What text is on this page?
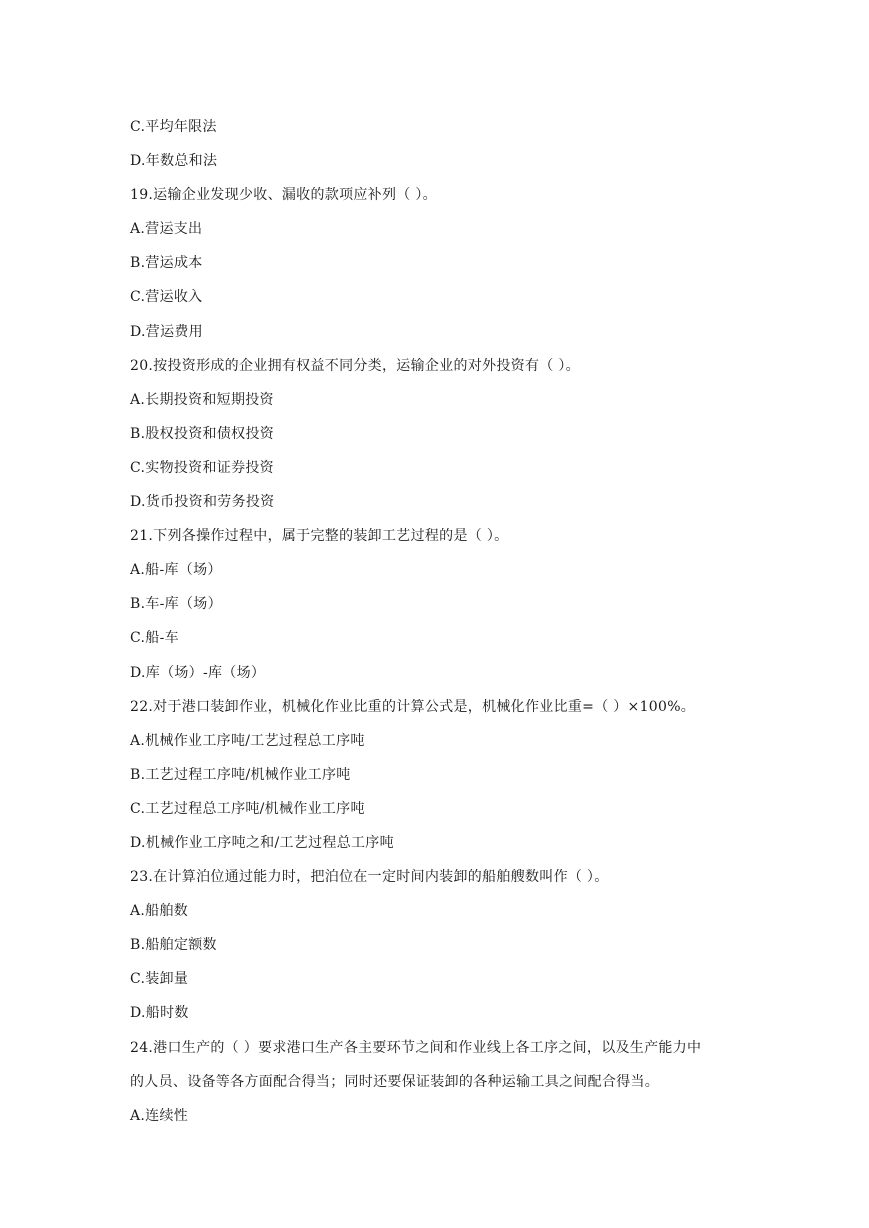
C.平均年限法
D.年数总和法
19.运输企业发现少收、漏收的款项应补列（ ）。
A.营运支出
B.营运成本
C.营运收入
D.营运费用
20.按投资形成的企业拥有权益不同分类，运输企业的对外投资有（ ）。
A.长期投资和短期投资
B.股权投资和债权投资
C.实物投资和证券投资
D.货币投资和劳务投资
21.下列各操作过程中，属于完整的装卸工艺过程的是（ ）。
A.船-库（场）
B.车-库（场）
C.船-车
D.库（场）-库（场）
22.对于港口装卸作业，机械化作业比重的计算公式是，机械化作业比重=（ ）×100%。
A.机械作业工序吨/工艺过程总工序吨
B.工艺过程工序吨/机械作业工序吨
C.工艺过程总工序吨/机械作业工序吨
D.机械作业工序吨之和/工艺过程总工序吨
23.在计算泊位通过能力时，把泊位在一定时间内装卸的船舶艘数叫作（ ）。
A.船舶数
B.船舶定额数
C.装卸量
D.船时数
24.港口生产的（ ）要求港口生产各主要环节之间和作业线上各工序之间，以及生产能力中
的人员、设备等各方面配合得当；同时还要保证装卸的各种运输工具之间配合得当。
A.连续性
